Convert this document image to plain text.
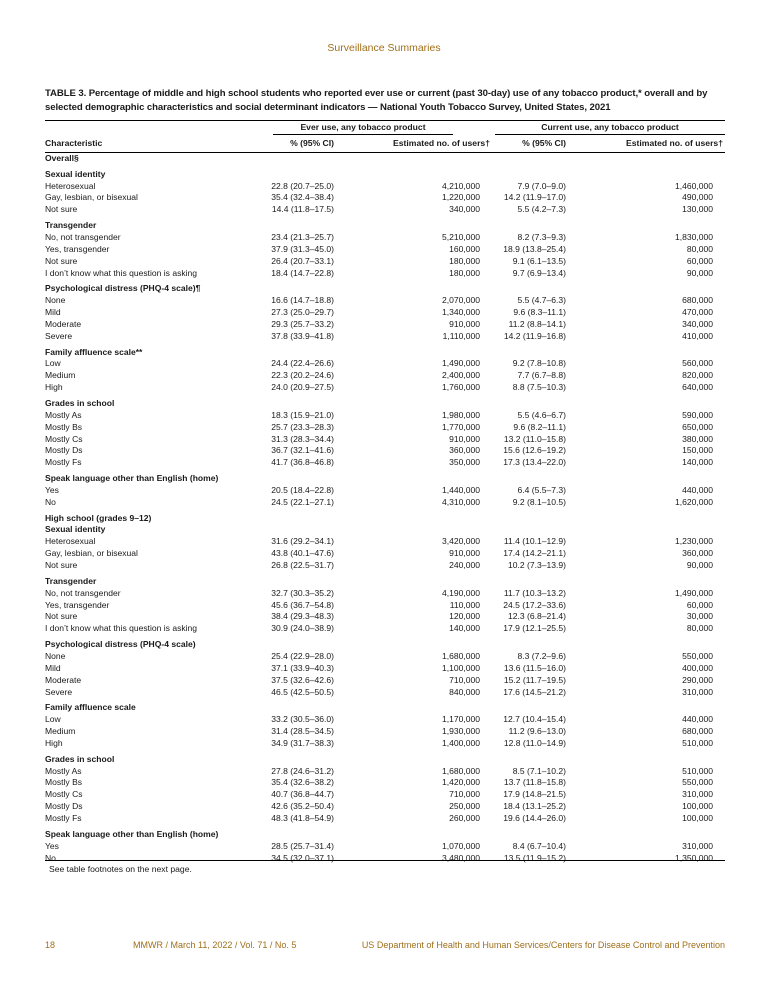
Surveillance Summaries
TABLE 3. Percentage of middle and high school students who reported ever use or current (past 30-day) use of any tobacco product,* overall and by selected demographic characteristics and social determinant indicators — National Youth Tobacco Survey, United States, 2021
Ever use, any tobacco product	Current use, any tobacco product
Characteristic	% (95% CI)	Estimated no. of users†	% (95% CI)	Estimated no. of users†
Overall§
Sexual identity
Heterosexual	22.8 (20.7–25.0)	4,210,000	7.9 (7.0–9.0)	1,460,000
Gay, lesbian, or bisexual	35.4 (32.4–38.4)	1,220,000	14.2 (11.9–17.0)	490,000
Not sure	14.4 (11.8–17.5)	340,000	5.5 (4.2–7.3)	130,000
Transgender
No, not transgender	23.4 (21.3–25.7)	5,210,000	8.2 (7.3–9.3)	1,830,000
Yes, transgender	37.9 (31.3–45.0)	160,000	18.9 (13.8–25.4)	80,000
Not sure	26.4 (20.7–33.1)	180,000	9.1 (6.1–13.5)	60,000
I don’t know what this question is asking	18.4 (14.7–22.8)	180,000	9.7 (6.9–13.4)	90,000
Psychological distress (PHQ-4 scale)¶
None	16.6 (14.7–18.8)	2,070,000	5.5 (4.7–6.3)	680,000
Mild	27.3 (25.0–29.7)	1,340,000	9.6 (8.3–11.1)	470,000
Moderate	29.3 (25.7–33.2)	910,000	11.2 (8.8–14.1)	340,000
Severe	37.8 (33.9–41.8)	1,110,000	14.2 (11.9–16.8)	410,000
Family affluence scale**
Low	24.4 (22.4–26.6)	1,490,000	9.2 (7.8–10.8)	560,000
Medium	22.3 (20.2–24.6)	2,400,000	7.7 (6.7–8.8)	820,000
High	24.0 (20.9–27.5)	1,760,000	8.8 (7.5–10.3)	640,000
Grades in school
Mostly As	18.3 (15.9–21.0)	1,980,000	5.5 (4.6–6.7)	590,000
Mostly Bs	25.7 (23.3–28.3)	1,770,000	9.6 (8.2–11.1)	650,000
Mostly Cs	31.3 (28.3–34.4)	910,000	13.2 (11.0–15.8)	380,000
Mostly Ds	36.7 (32.1–41.6)	360,000	15.6 (12.6–19.2)	150,000
Mostly Fs	41.7 (36.8–46.8)	350,000	17.3 (13.4–22.0)	140,000
Speak language other than English (home)
Yes	20.5 (18.4–22.8)	1,440,000	6.4 (5.5–7.3)	440,000
No	24.5 (22.1–27.1)	4,310,000	9.2 (8.1–10.5)	1,620,000
High school (grades 9–12)
Sexual identity
Heterosexual	31.6 (29.2–34.1)	3,420,000	11.4 (10.1–12.9)	1,230,000
Gay, lesbian, or bisexual	43.8 (40.1–47.6)	910,000	17.4 (14.2–21.1)	360,000
Not sure	26.8 (22.5–31.7)	240,000	10.2 (7.3–13.9)	90,000
Transgender
No, not transgender	32.7 (30.3–35.2)	4,190,000	11.7 (10.3–13.2)	1,490,000
Yes, transgender	45.6 (36.7–54.8)	110,000	24.5 (17.2–33.6)	60,000
Not sure	38.4 (29.3–48.3)	120,000	12.3 (6.8–21.4)	30,000
I don’t know what this question is asking	30.9 (24.0–38.9)	140,000	17.9 (12.1–25.5)	80,000
Psychological distress (PHQ-4 scale)
None	25.4 (22.9–28.0)	1,680,000	8.3 (7.2–9.6)	550,000
Mild	37.1 (33.9–40.3)	1,100,000	13.6 (11.5–16.0)	400,000
Moderate	37.5 (32.6–42.6)	710,000	15.2 (11.7–19.5)	290,000
Severe	46.5 (42.5–50.5)	840,000	17.6 (14.5–21.2)	310,000
Family affluence scale
Low	33.2 (30.5–36.0)	1,170,000	12.7 (10.4–15.4)	440,000
Medium	31.4 (28.5–34.5)	1,930,000	11.2 (9.6–13.0)	680,000
High	34.9 (31.7–38.3)	1,400,000	12.8 (11.0–14.9)	510,000
Grades in school
Mostly As	27.8 (24.6–31.2)	1,680,000	8.5 (7.1–10.2)	510,000
Mostly Bs	35.4 (32.6–38.2)	1,420,000	13.7 (11.8–15.8)	550,000
Mostly Cs	40.7 (36.8–44.7)	710,000	17.9 (14.8–21.5)	310,000
Mostly Ds	42.6 (35.2–50.4)	250,000	18.4 (13.1–25.2)	100,000
Mostly Fs	48.3 (41.8–54.9)	260,000	19.6 (14.4–26.0)	100,000
Speak language other than English (home)
Yes	28.5 (25.7–31.4)	1,070,000	8.4 (6.7–10.4)	310,000
No	34.5 (32.0–37.1)	3,480,000	13.5 (11.9–15.2)	1,350,000
See table footnotes on the next page.
18	MMWR / March 11, 2022 / Vol. 71 / No. 5	US Department of Health and Human Services/Centers for Disease Control and Prevention
